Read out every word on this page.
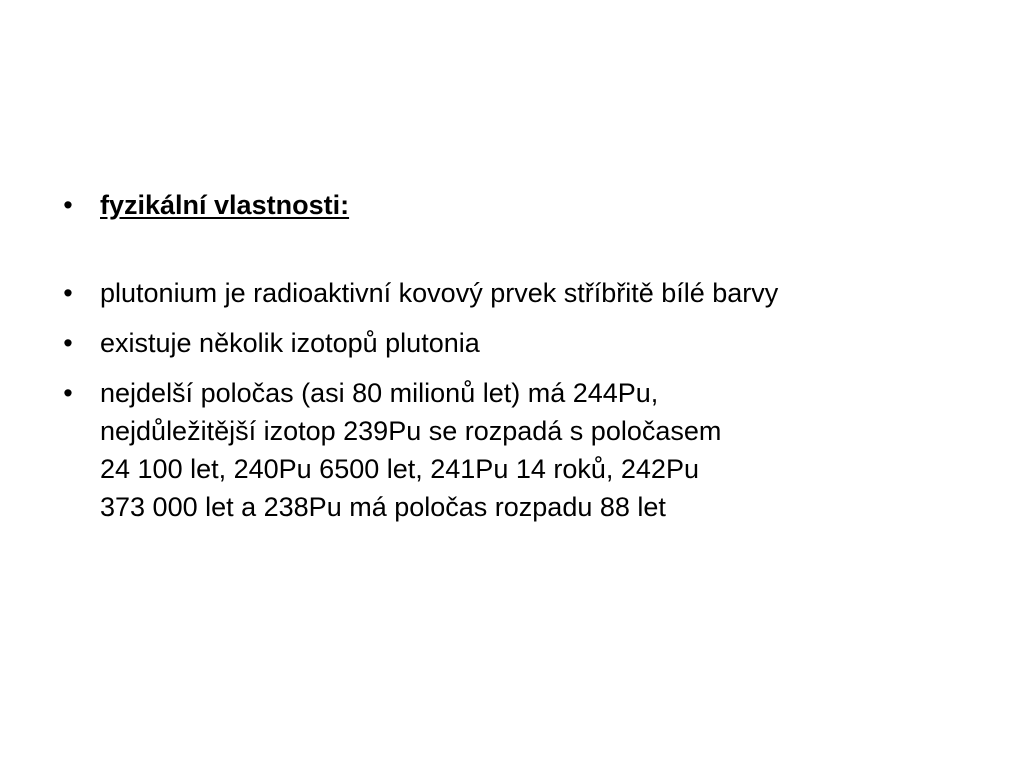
• fyzikální vlastnosti:
• plutonium je radioaktivní kovový prvek stříbřitě bílé barvy
• existuje několik izotopů plutonia
• nejdelší poločas (asi 80 milionů let) má 244Pu,
nejdůležitější izotop 239Pu se rozpadá s poločasem
24 100 let, 240Pu 6500 let, 241Pu 14 roků, 242Pu
373 000 let a 238Pu má poločas rozpadu 88 let
